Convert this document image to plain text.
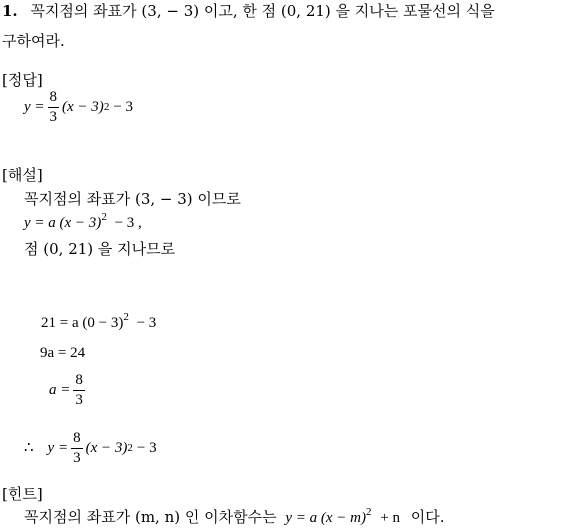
1. 꼭지점의 좌표가 (3, − 3) 이고, 한 점 (0, 21) 을 지나는 포물선의 식을
구하여라.
[정답]
$y = \frac{8}{3} (x - 3) 2 - 3$
[해설]
꼭지점의 좌표가 (3, − 3) 이므로
y = a $(x - 3)^2 - 3$ ,
점 (0, 21) 을 지나므로
21 = a $(0 - 3)^2 - 3$
9a = 24
$a = \frac{8}{3}$
∴ $y = \frac{8}{3} (x - 3) 2 - 3$
[힌트]
꼭지점의 좌표가 (m, n) 인 이차함수는 y = a $(x - m)^2 + n$ 이다.
